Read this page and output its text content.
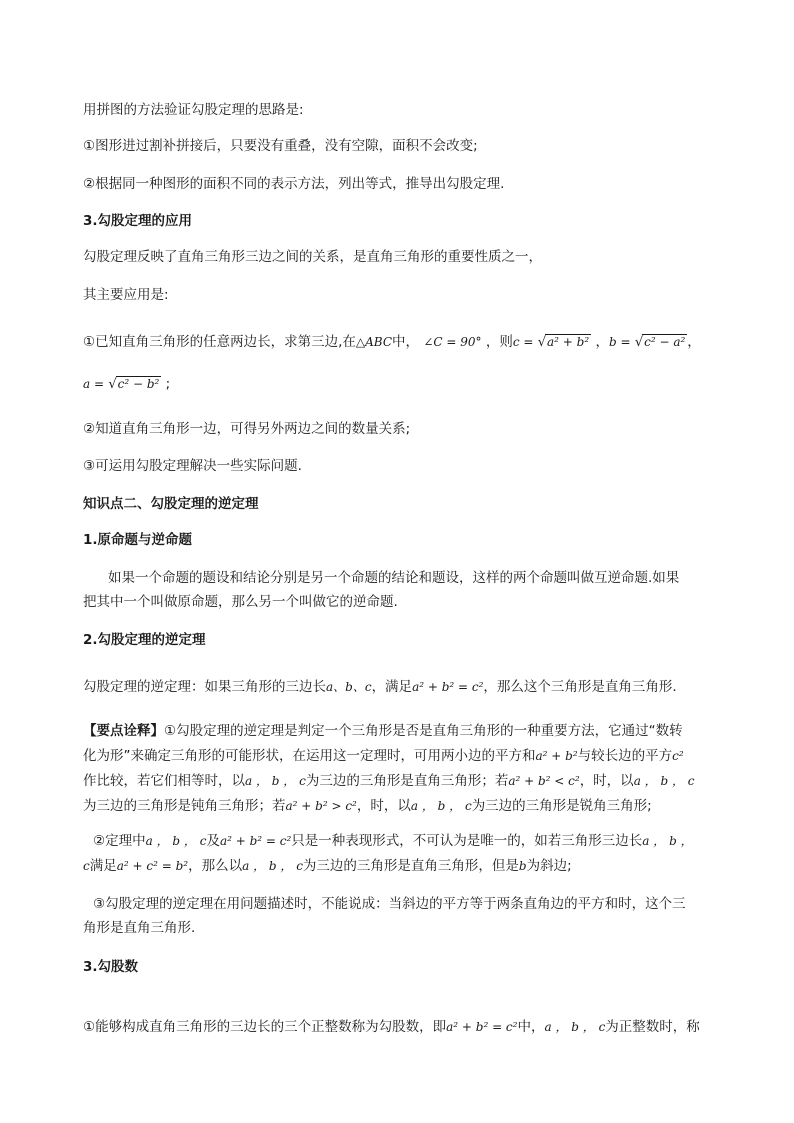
用拼图的方法验证勾股定理的思路是:
①图形进过割补拼接后，只要没有重叠，没有空隙，面积不会改变;
②根据同一种图形的面积不同的表示方法，列出等式，推导出勾股定理.
3.勾股定理的应用
勾股定理反映了直角三角形三边之间的关系，是直角三角形的重要性质之一，
其主要应用是:
①已知直角三角形的任意两边长，求第三边,在△ABC中， ∠C = 90° ，则c = √a² + b² ，b = √c² − a² ，
a = √c² − b² ;
②知道直角三角形一边，可得另外两边之间的数量关系;
③可运用勾股定理解决一些实际问题.
知识点二、勾股定理的逆定理
1.原命题与逆命题
如果一个命题的题设和结论分别是另一个命题的结论和题设，这样的两个命题叫做互逆命题.如果
把其中一个叫做原命题，那么另一个叫做它的逆命题.
2.勾股定理的逆定理
勾股定理的逆定理：如果三角形的三边长a、b、c，满足a² + b² = c²，那么这个三角形是直角三角形.
【要点诠释】①勾股定理的逆定理是判定一个三角形是否是直角三角形的一种重要方法，它通过“数转
化为形”来确定三角形的可能形状，在运用这一定理时，可用两小边的平方和a² + b²与较长边的平方c²
作比较，若它们相等时，以a ， b ， c为三边的三角形是直角三角形；若a² + b² < c²，时，以a ， b ， c
为三边的三角形是钝角三角形；若a² + b² > c²，时，以a ， b ， c为三边的三角形是锐角三角形;
②定理中a ， b ， c及a² + b² = c²只是一种表现形式，不可认为是唯一的，如若三角形三边长a ， b ，
c满足a² + c² = b²，那么以a ， b ， c为三边的三角形是直角三角形，但是b为斜边;
③勾股定理的逆定理在用问题描述时，不能说成：当斜边的平方等于两条直角边的平方和时，这个三
角形是直角三角形.
3.勾股数
①能够构成直角三角形的三边长的三个正整数称为勾股数，即a² + b² = c²中，a ， b ， c为正整数时，称
